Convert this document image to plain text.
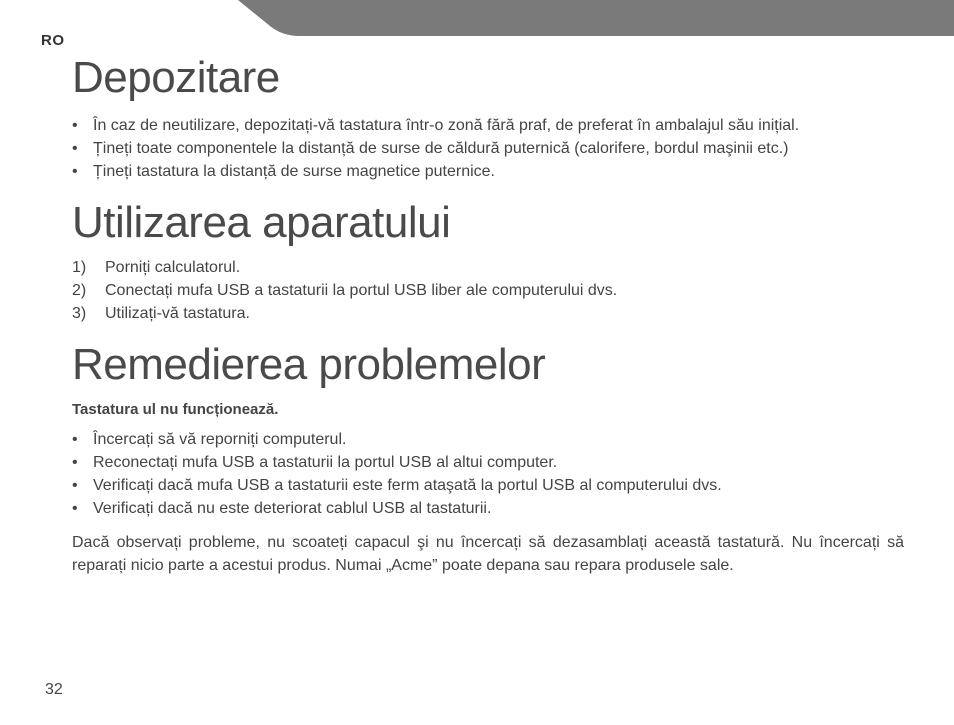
RO
Depozitare
• În caz de neutilizare, depozitați-vă tastatura într-o zonă fără praf, de preferat în ambalajul său inițial.
• Țineți toate componentele la distanță de surse de căldură puternică (calorifere, bordul maşinii etc.)
• Țineți tastatura la distanță de surse magnetice puternice.
Utilizarea aparatului
1) Porniți calculatorul.
2) Conectați mufa USB a tastaturii la portul USB liber ale computerului dvs.
3) Utilizați-vă tastatura.
Remedierea problemelor

Tastatura ul nu funcționează.

• Încercați să vă reporniți computerul.
• Reconectați mufa USB a tastaturii la portul USB al altui computer.
• Verificați dacă mufa USB a tastaturii este ferm ataşată la portul USB al computerului dvs.
• Verificați dacă nu este deteriorat cablul USB al tastaturii.

Dacă observați probleme, nu scoateți capacul şi nu încercați să dezasamblați această tastatură. Nu încercați să reparați nicio parte a acestui produs. Numai „Acme” poate depana sau repara produsele sale.

32
